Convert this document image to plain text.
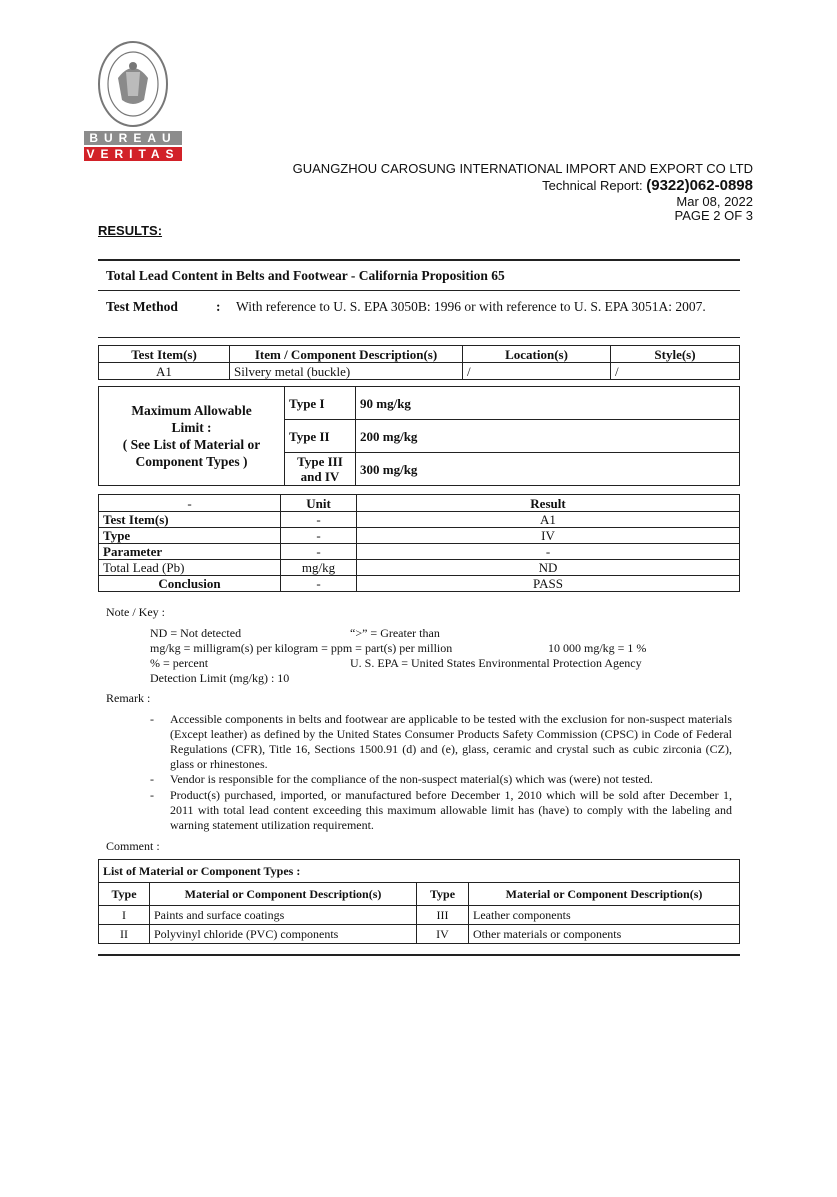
BUREAU
VERITAS
GUANGZHOU CAROSUNG INTERNATIONAL IMPORT AND EXPORT CO LTD
Technical Report: (9322)062-0898
Mar 08, 2022
PAGE 2 OF 3
RESULTS:
Total Lead Content in Belts and Footwear - California Proposition 65
Test Method	: With reference to U. S. EPA 3050B: 1996 or with reference to U. S. EPA 3051A: 2007.
Test Item(s)	Item / Component Description(s)	Location(s)	Style(s)
A1	Silvery metal (buckle)	/	/
Maximum Allowable
Limit :
( See List of Material or
Component Types )	Type I	90 mg/kg
	Type II	200 mg/kg
	Type III and IV	300 mg/kg
-	Unit	Result
Test Item(s)	-	A1
Type	-	IV
Parameter	-	-
Total Lead (Pb)	mg/kg	ND
Conclusion	-	PASS
Note / Key :
ND = Not detected	“>” = Greater than
mg/kg = milligram(s) per kilogram = ppm = part(s) per million	10 000 mg/kg = 1 %
% = percent	U. S. EPA = United States Environmental Protection Agency
Detection Limit (mg/kg) : 10
Remark :
- Accessible components in belts and footwear are applicable to be tested with the exclusion for non-suspect materials (Except leather) as defined by the United States Consumer Products Safety Commission (CPSC) in Code of Federal Regulations (CFR), Title 16, Sections 1500.91 (d) and (e), glass, ceramic and crystal such as cubic zirconia (CZ), glass or rhinestones.
- Vendor is responsible for the compliance of the non-suspect material(s) which was (were) not tested.
- Product(s) purchased, imported, or manufactured before December 1, 2010 which will be sold after December 1, 2011 with total lead content exceeding this maximum allowable limit has (have) to comply with the labeling and warning statement utilization requirement.
Comment :
List of Material or Component Types :			
Type	Material or Component Description(s)	Type	Material or Component Description(s)
I	Paints and surface coatings	III	Leather components
II	Polyvinyl chloride (PVC) components	IV	Other materials or components
